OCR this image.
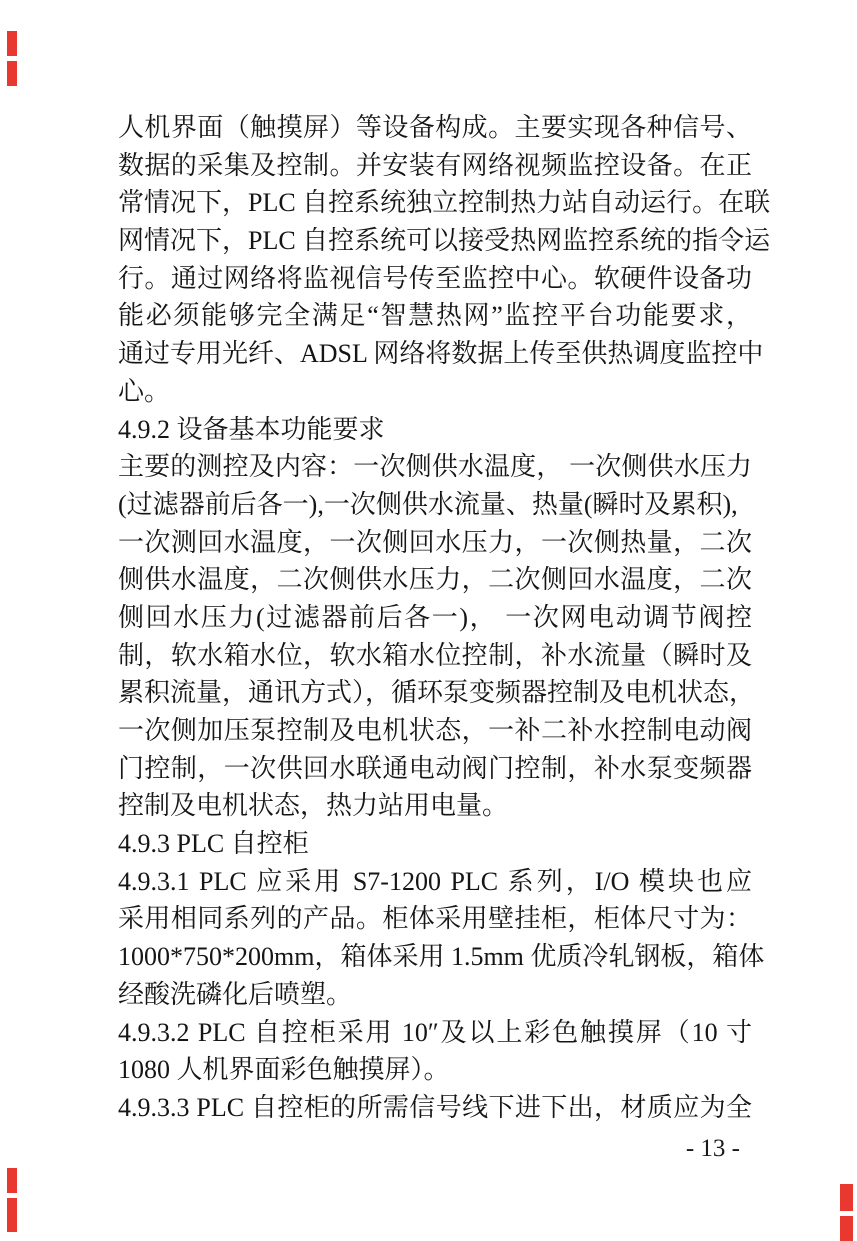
人机界面（触摸屏）等设备构成。主要实现各种信号、
数据的采集及控制。并安装有网络视频监控设备。在正
常情况下，PLC 自控系统独立控制热力站自动运行。在联
网情况下，PLC 自控系统可以接受热网监控系统的指令运
行。通过网络将监视信号传至监控中心。软硬件设备功
能必须能够完全满足“智慧热网”监控平台功能要求，
通过专用光纤、ADSL 网络将数据上传至供热调度监控中
心。
4.9.2 设备基本功能要求
主要的测控及内容：一次侧供水温度， 一次侧供水压力
(过滤器前后各一),一次侧供水流量、热量(瞬时及累积),
一次测回水温度，一次侧回水压力，一次侧热量，二次
侧供水温度，二次侧供水压力，二次侧回水温度，二次
侧回水压力(过滤器前后各一)， 一次网电动调节阀控
制，软水箱水位，软水箱水位控制，补水流量（瞬时及
累积流量，通讯方式），循环泵变频器控制及电机状态，
一次侧加压泵控制及电机状态，一补二补水控制电动阀
门控制，一次供回水联通电动阀门控制，补水泵变频器
控制及电机状态，热力站用电量。
4.9.3 PLC 自控柜
4.9.3.1 PLC 应采用 S7-1200 PLC 系列，I/O 模块也应
采用相同系列的产品。柜体采用壁挂柜，柜体尺寸为：
1000*750*200mm，箱体采用 1.5mm 优质冷轧钢板，箱体
经酸洗磷化后喷塑。
4.9.3.2 PLC 自控柜采用 10″及以上彩色触摸屏（10 寸
1080 人机界面彩色触摸屏）。
4.9.3.3 PLC 自控柜的所需信号线下进下出，材质应为全
- 13 -
